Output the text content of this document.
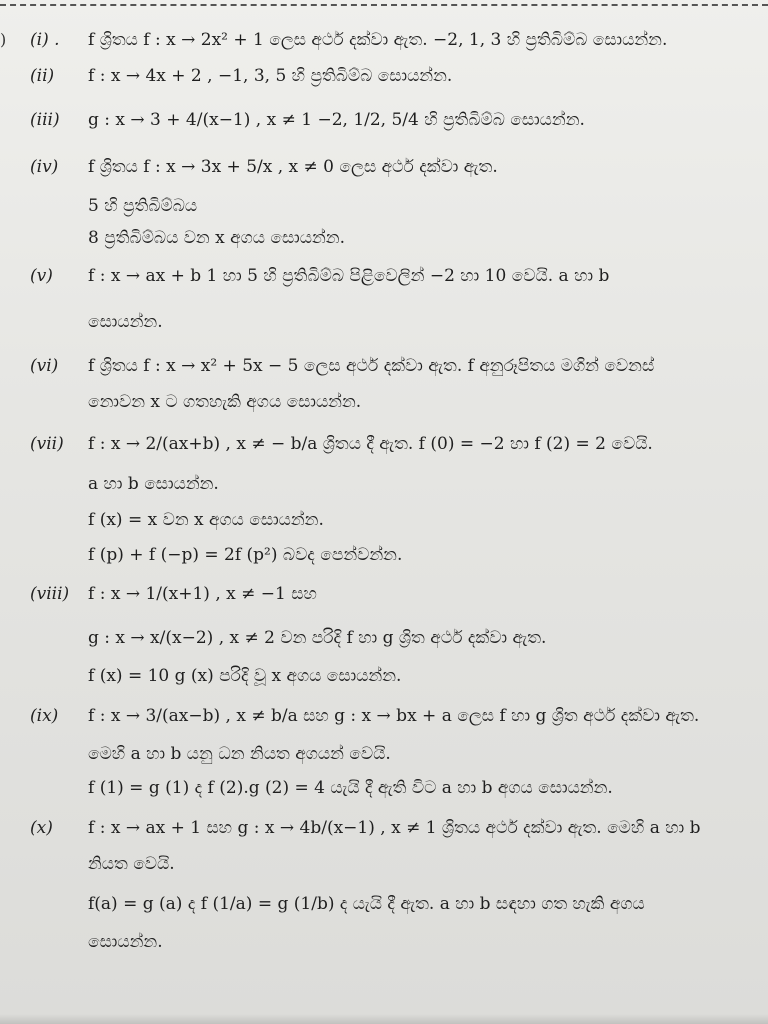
) (i) . f ශ්‍රිතය f : x → 2x² + 1 ලෙස අර්ථ දක්වා ඇත. −2, 1, 3 හි ප්‍රතිබිම්බ සොයන්න.
(ii) f : x → 4x + 2 , −1, 3, 5 හි ප්‍රතිබිම්බ සොයන්න.
(iii) g : x → 3 + 4/(x−1) , x ≠ 1 −2, 1/2, 5/4 හි ප්‍රතිබිම්බ සොයන්න.
(iv) f ශ්‍රිතය f : x → 3x + 5/x , x ≠ 0 ලෙස අර්ථ දක්වා ඇත.
5 හි ප්‍රතිබිම්බය
8 ප්‍රතිබිම්බය වන x අගය සොයන්න.
(v) f : x → ax + b 1 හා 5 හි ප්‍රතිබිම්බ පිළිවෙලින් −2 හා 10 වෙයි. a හා b
සොයන්න.
(vi) f ශ්‍රිතය f : x → x² + 5x − 5 ලෙස අර්ථ දක්වා ඇත. f අනුරූපිතය මගින් වෙනස්
නොවන x ට ගතහැකි අගය සොයන්න.
(vii) f : x → 2/(ax+b) , x ≠ − b/a ශ්‍රිතය දී ඇත. f (0) = −2 හා f (2) = 2 වෙයි.
a හා b සොයන්න.
f (x) = x වන x අගය සොයන්න.
f (p) + f (−p) = 2f (p²) බවද පෙන්වන්න.
(viii) f : x → 1/(x+1) , x ≠ −1 සහ
g : x → x/(x−2) , x ≠ 2 වන පරිදි f හා g ශ්‍රිත අර්ථ දක්වා ඇත.
f (x) = 10 g (x) පරිදි වූ x අගය සොයන්න.
(ix) f : x → 3/(ax−b) , x ≠ b/a සහ g : x → bx + a ලෙස f හා g ශ්‍රිත අර්ථ දක්වා ඇත.
මෙහි a හා b යනු ධන නියත අගයන් වෙයි.
f (1) = g (1) ද f (2).g (2) = 4 යැයි දී ඇති විට a හා b අගය සොයන්න.
(x) f : x → ax + 1 සහ g : x → 4b/(x−1) , x ≠ 1 ශ්‍රිතය අර්ථ දක්වා ඇත. මෙහි a හා b
නියත වෙයි.
f(a) = g (a) ද f (1/a) = g (1/b) ද යැයි දී ඇත. a හා b සඳහා ගත හැකි අගය
සොයන්න.
